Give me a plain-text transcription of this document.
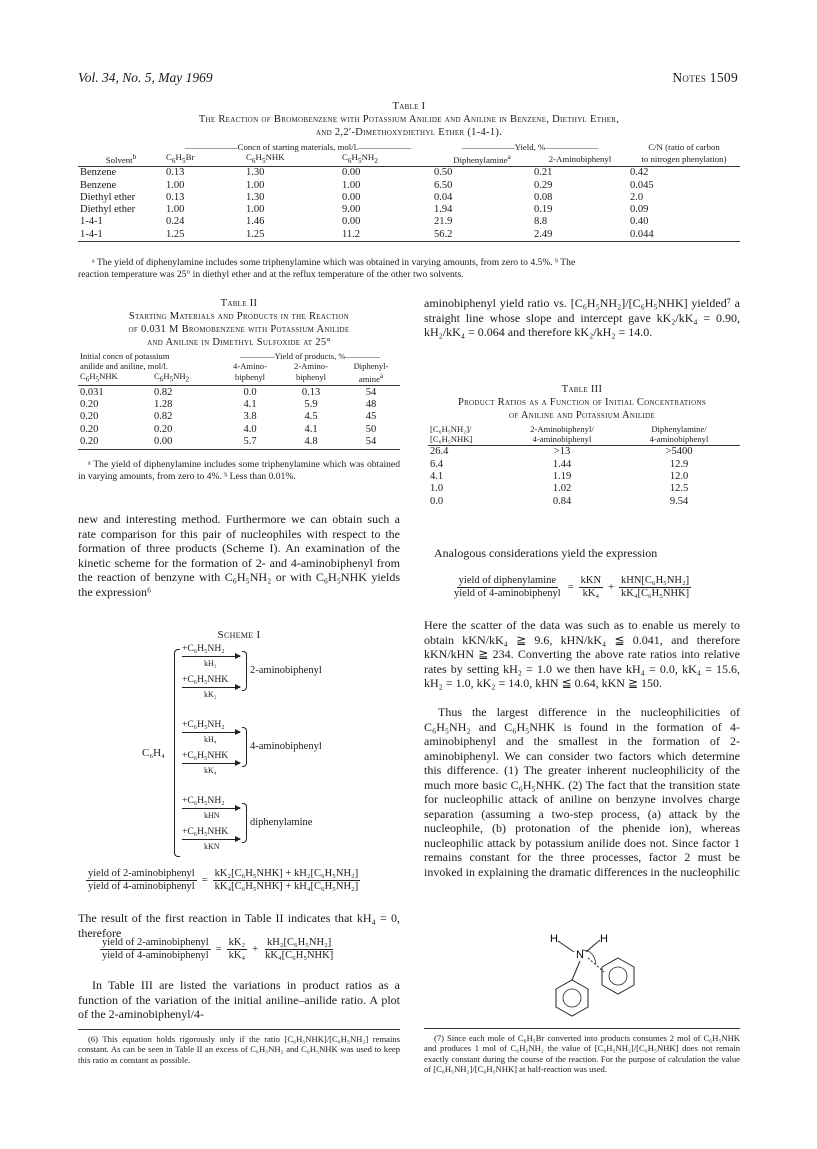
Vol. 34, No. 5, May 1969	Notes 1509
Table I
The Reaction of Bromobenzene with Potassium Anilide and Aniline in Benzene, Diethyl Ether,
and 2,2′-Dimethoxydiethyl Ether (1-4-1).
	——————Concn of starting materials, mol/l.——————			——————Yield, %——————		C/N (ratio of carbon
Solvent$^b$	$C_6H_5Br$	$C_6H_5NHK$	$C_6H_5NH_2$	Diphenylamine$^a$	2-Aminobiphenyl	to nitrogen phenylation)

Benzene	0.13	1.30	0.00	0.50	0.21	0.42
Benzene	1.00	1.00	1.00	6.50	0.29	0.045
Diethyl ether	0.13	1.30	0.00	0.04	0.08	2.0
Diethyl ether	1.00	1.00	9.00	1.94	0.19	0.09
1-4-1	0.24	1.46	0.00	21.9	8.8	0.40
1-4-1	1.25	1.25	11.2	56.2	2.49	0.044

ᵃ The yield of diphenylamine includes some triphenylamine which was obtained in varying amounts, from zero to 4.5%. ᵇ The
reaction temperature was 25° in diethyl ether and at the reflux temperature of the other two solvents.
Table II
Starting Materials and Products in the Reaction
of 0.031 M Bromobenzene with Potassium Anilide
and Aniline in Dimethyl Sulfoxide at 25°
Initial concn of potassium		————Yield of products, %————		
anilide and aniline, mol/l.		4-Amino-	2-Amino-	Diphenyl-
$C_6H_5NHK$	$C_6H_5NH_2$	biphenyl	biphenyl	amine$^a$

0.031	0.82	0.0	0.13	54
0.20	1.28	4.1	5.9	48
0.20	0.82	3.8	4.5	45
0.20	0.20	4.0	4.1	50
0.20	0.00	5.7	4.8	54

ᵃ The yield of diphenylamine includes some triphenylamine which was obtained in varying amounts, from zero to 4%. ᵇ Less than 0.01%.
new and interesting method. Furthermore we can obtain such a rate comparison for this pair of nucleophiles with respect to the formation of three products (Scheme I). An examination of the kinetic scheme for the formation of 2- and 4-aminobiphenyl from the reaction of benzyne with C₆H₅NH₂ or with C₆H₅NHK yields the expression⁶
Scheme I
C₆H₄
+C₆H₅NH₂
kH₂
+C₆H₅NHK
kK₂
2-aminobiphenyl
+C₆H₅NH₂
kH₄
+C₆H₅NHK
kK₄
4-aminobiphenyl
+C₆H₅NH₂
kHN
+C₆H₅NHK
kKN
diphenylamine
$\frac{\text{yield of 2-aminobiphenyl}}{\text{yield of 4-aminobiphenyl}} = \frac{\text{kK₂[C₆H₅NHK] + kH₂[C₆H₅NH₂]}}{\text{kK₄[C₆H₅NHK] + kH₄[C₆H₅NH₂]}}$
The result of the first reaction in Table II indicates that kH₄ = 0, therefore
$\frac{\text{yield of 2-aminobiphenyl}}{\text{yield of 4-aminobiphenyl}} = \frac{\text{kK₂}}{\text{kK₄}} + \frac{\text{kH₂[C₆H₅NH₂]}}{\text{kK₄[C₆H₅NHK]}}$
In Table III are listed the variations in product ratios as a function of the variation of the initial aniline–anilide ratio. A plot of the 2-aminobiphenyl/4-
(6) This equation holds rigorously only if the ratio [C₆H₅NHK]/[C₆H₅NH₂] remains constant. As can be seen in Table II an excess of C₆H₅NH₂ and C₆H₅NHK was used to keep this ratio as constant as possible.
aminobiphenyl yield ratio vs. [C₆H₅NH₂]/[C₆H₅NHK] yielded⁷ a straight line whose slope and intercept gave kK₂/kK₄ = 0.90, kH₂/kK₄ = 0.064 and therefore kK₂/kH₂ = 14.0.
Table III
Product Ratios as a Function of Initial Concentrations
of Aniline and Potassium Anilide
[C₆H₅NH₂]/	2-Aminobiphenyl/	Diphenylamine/
[C₆H₅NHK]	4-aminobiphenyl	4-aminobiphenyl

26.4	>13	>5400
6.4	1.44	12.9
4.1	1.19	12.0
1.0	1.02	12.5
0.0	0.84	9.54
Analogous considerations yield the expression
$\frac{\text{yield of diphenylamine}}{\text{yield of 4-aminobiphenyl}} = \frac{\text{kKN}}{\text{kK₄}} + \frac{\text{kHN[C₆H₅NH₂]}}{\text{kK₄[C₆H₅NHK]}}$
Here the scatter of the data was such as to enable us merely to obtain kKN/kK₄ ≧ 9.6, kHN/kK₄ ≦ 0.041, and therefore kKN/kHN ≧ 234. Converting the above rate ratios into relative rates by setting kH₂ = 1.0 we then have kH₄ = 0.0, kK₄ = 15.6, kH₂ = 1.0, kK₂ = 14.0, kHN ≦ 0.64, kKN ≧ 150.
Thus the largest difference in the nucleophilicities of C₆H₅NH₂ and C₆H₅NHK is found in the formation of 4-aminobiphenyl and the smallest in the formation of 2-aminobiphenyl. We can consider two factors which determine this difference. (1) The greater inherent nucleophilicity of the much more basic C₆H₅NHK. (2) The fact that the transition state for nucleophilic attack of aniline on benzyne involves charge separation (assuming a two-step process, (a) attack by the nucleophile, (b) protonation of the phenide ion), whereas nucleophilic attack by potassium anilide does not. Since factor 1 remains constant for the three processes, factor 2 must be invoked in explaining the dramatic differences in the nucleophilic
H
N
H
(7) Since each mole of C₆H₅Br converted into products consumes 2 mol of C₆H₅NHK and produces 1 mol of C₆H₅NH₂ the value of [C₆H₅NH₂]/[C₆H₅NHK] does not remain exactly constant during the course of the reaction. For the purpose of calculation the value of [C₆H₅NH₂]/[C₆H₅NHK] at half-reaction was used.
